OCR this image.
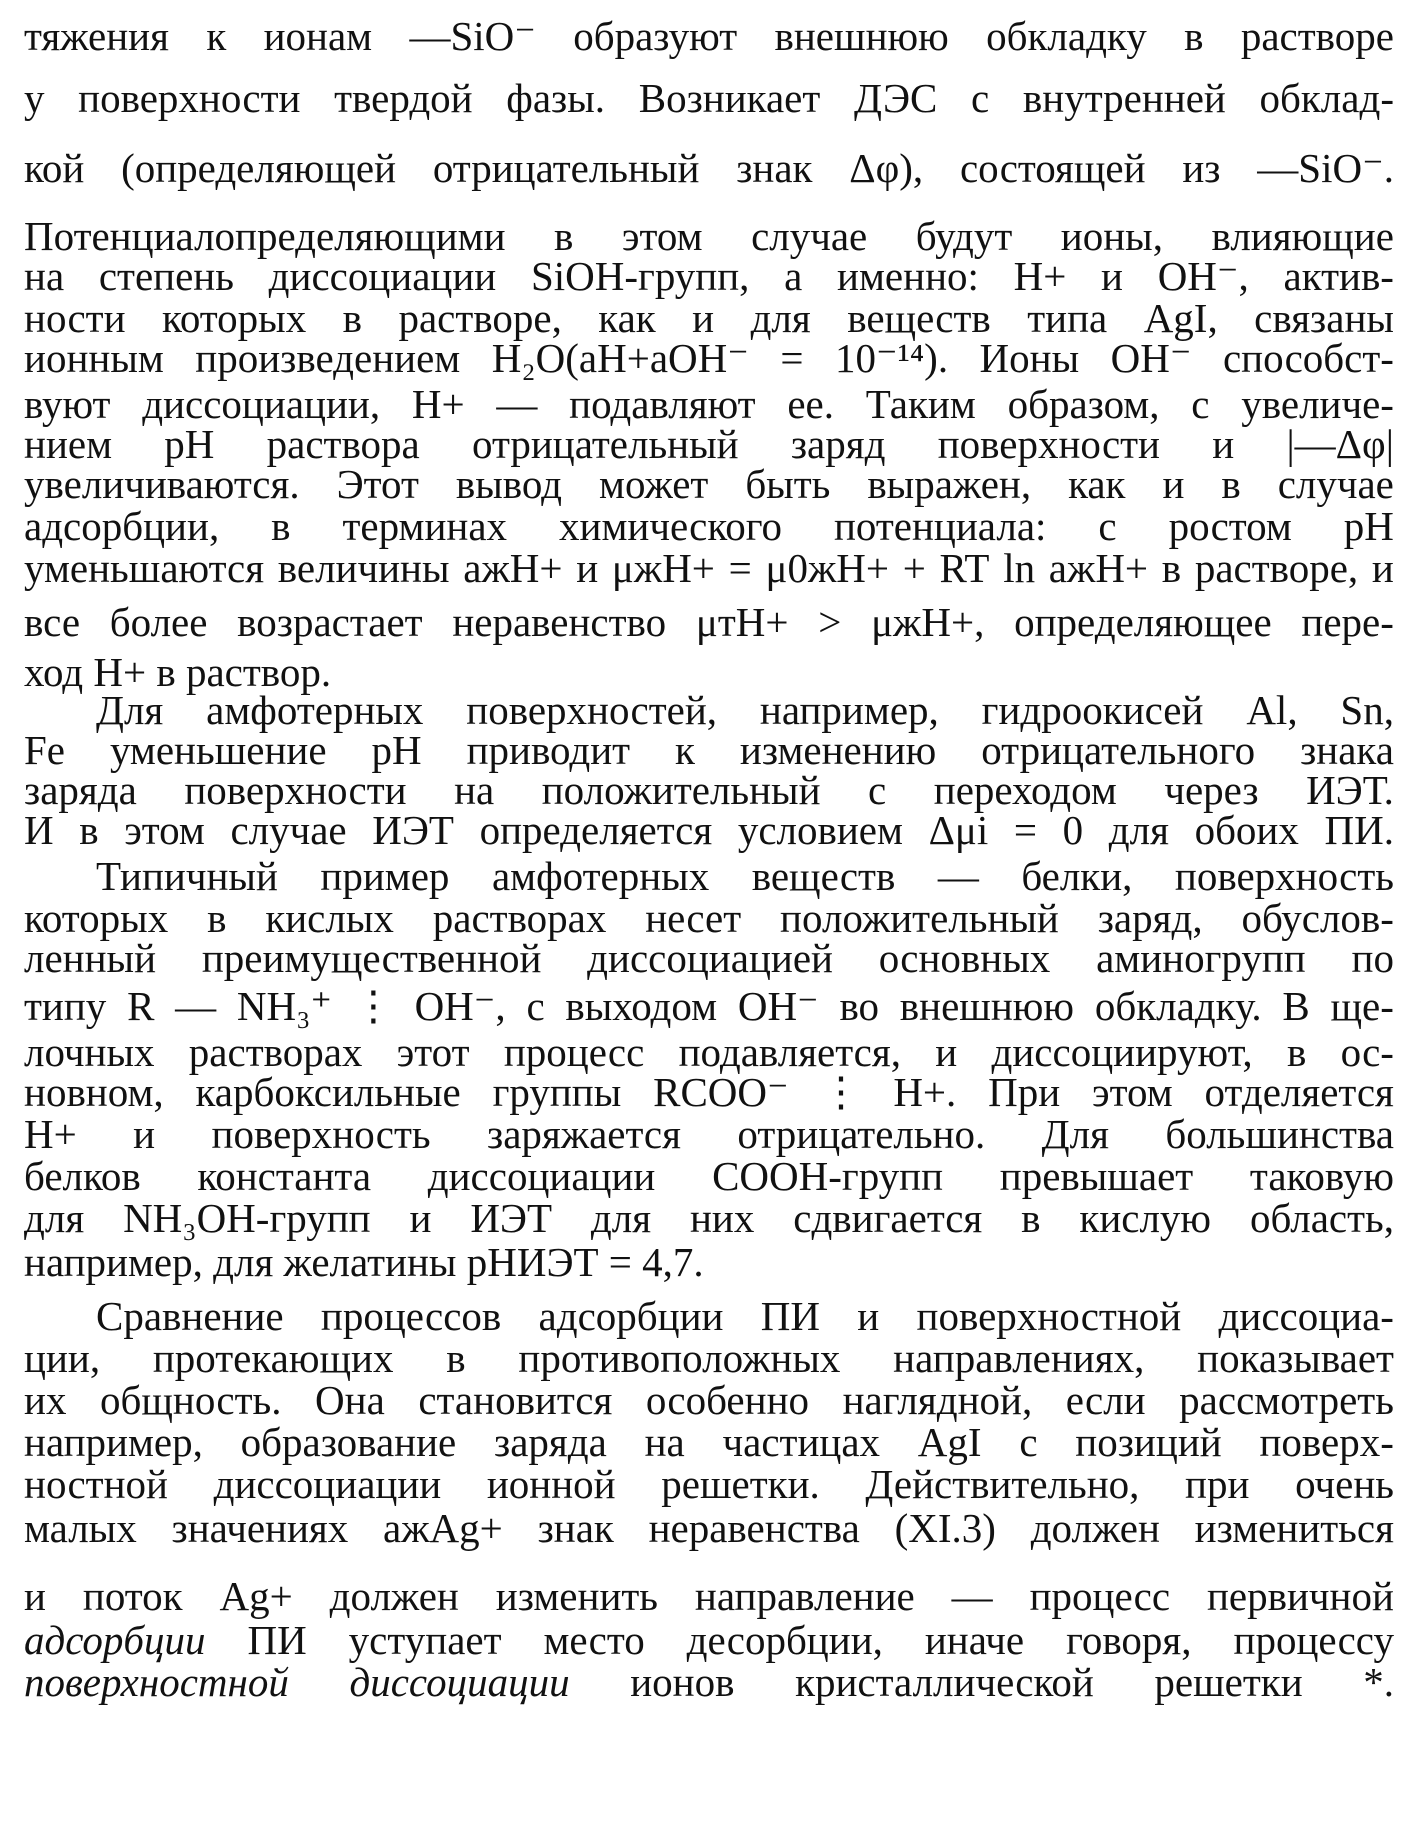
тяжения к ионам —SiO⁻ образуют внешнюю обкладку в растворе
у поверхности твердой фазы. Возникает ДЭС с внутренней обклад-
кой (определяющей отрицательный знак Δφ), состоящей из —SiO⁻.
Потенциалопределяющими в этом случае будут ионы, влияющие
на степень диссоциации SiOH-групп, а именно: H+ и OH⁻, актив-
ности которых в растворе, как и для веществ типа AgI, связаны
ионным произведением H₂O(aH+aOH⁻ = 10⁻¹⁴). Ионы OH⁻ способст-
вуют диссоциации, H+ — подавляют ее. Таким образом, с увеличе-
нием pH раствора отрицательный заряд поверхности и |—Δφ|
увеличиваются. Этот вывод может быть выражен, как и в случае
адсорбции, в терминах химического потенциала: с ростом pH
уменьшаются величины aжH+ и μжH+ = μ0жH+ + RT ln aжH+ в растворе, и
все более возрастает неравенство μтH+ > μжH+, определяющее пере-
ход H+ в раствор.
Для амфотерных поверхностей, например, гидроокисей Al, Sn,
Fe уменьшение pH приводит к изменению отрицательного знака
заряда поверхности на положительный с переходом через ИЭТ.
И в этом случае ИЭТ определяется условием Δμi = 0 для обоих ПИ.
Типичный пример амфотерных веществ — белки, поверхность
которых в кислых растворах несет положительный заряд, обуслов-
ленный преимущественной диссоциацией основных аминогрупп по
типу R — NH₃⁺ ⋮ OH⁻, с выходом OH⁻ во внешнюю обкладку. В ще-
лочных растворах этот процесс подавляется, и диссоциируют, в ос-
новном, карбоксильные группы RCOO⁻ ⋮ H+. При этом отделяется
H+ и поверхность заряжается отрицательно. Для большинства
белков константа диссоциации COOH-групп превышает таковую
для NH₃OH-групп и ИЭТ для них сдвигается в кислую область,
например, для желатины pHИЭТ = 4,7.
Сравнение процессов адсорбции ПИ и поверхностной диссоциа-
ции, протекающих в противоположных направлениях, показывает
их общность. Она становится особенно наглядной, если рассмотреть
например, образование заряда на частицах AgI с позиций поверх-
ностной диссоциации ионной решетки. Действительно, при очень
малых значениях aжAg+ знак неравенства (XI.3) должен измениться
и поток Ag+ должен изменить направление — процесс первичной
адсорбции ПИ уступает место десорбции, иначе говоря, процессу
поверхностной диссоциации ионов кристаллической решетки *.
